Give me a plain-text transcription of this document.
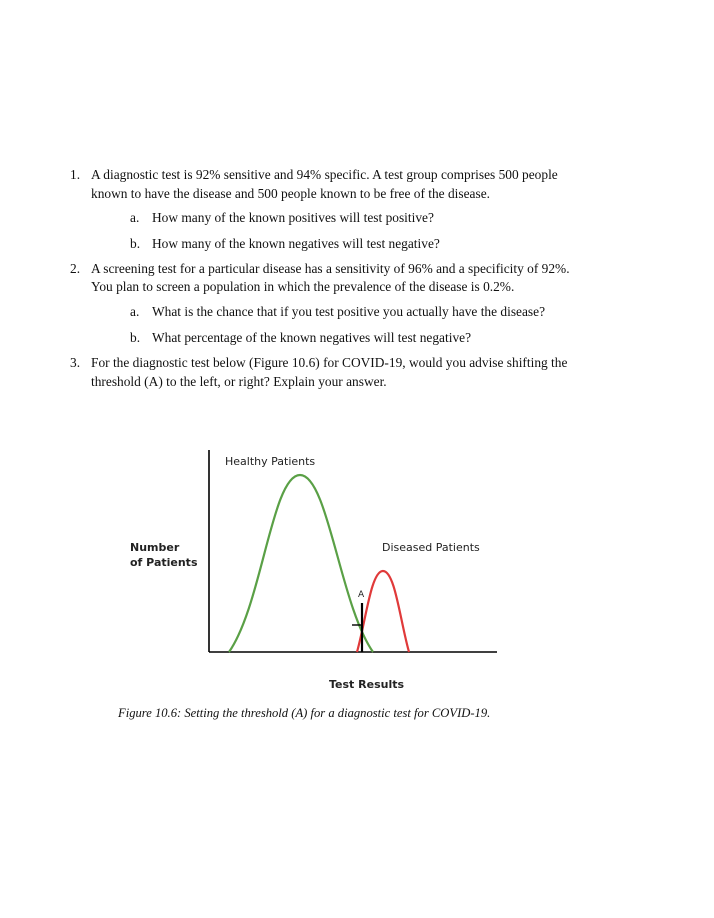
1. A diagnostic test is 92% sensitive and 94% specific. A test group comprises 500 people
known to have the disease and 500 people known to be free of the disease.
a. How many of the known positives will test positive?
b. How many of the known negatives will test negative?
2. A screening test for a particular disease has a sensitivity of 96% and a specificity of 92%.
You plan to screen a population in which the prevalence of the disease is 0.2%.
a. What is the chance that if you test positive you actually have the disease?
b. What percentage of the known negatives will test negative?
3. For the diagnostic test below (Figure 10.6) for COVID-19, would you advise shifting the
threshold (A) to the left, or right? Explain your answer.
Healthy Patients
Diseased Patients
A
Number
of Patients
Test Results
Figure 10.6: Setting the threshold (A) for a diagnostic test for COVID-19.
